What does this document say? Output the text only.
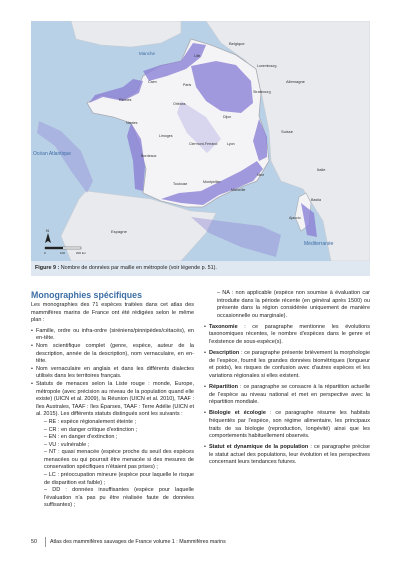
Océan Atlantique
Méditerranée
Manche
Belgique
Allemagne
Suisse
Italie
Espagne
Luxembourg
Lille
Caen
Paris
Nantes
Rennes
Strasbourg
Dijon
Lyon
Bordeaux
Toulouse	Montpellier
Marseille
Nice
Limoges
Clermont-Ferrand
Orléans
Ajaccio
Bastia
N
0	100	200 km
Figure 9 : Nombre de données par maille en métropole (voir légende p. 51).
Monographies spécifiques

Les monographies des 71 espèces traitées dans cet atlas des mammifères marins de France ont été rédigées selon le même plan :

• Famille, ordre ou infra-ordre (siréniens/pinnipèdes/cétacés), en en-tête.
• Nom scientifique complet (genre, espèce, auteur de la description, année de la description), nom vernaculaire, en en-tête.
• Nom vernaculaire en anglais et dans les différents dialectes utilisés dans les territoires français.
• Statuts de menaces selon la Liste rouge : monde, Europe, métropole (avec précision au niveau de la population quand elle existe) (UICN et al. 2009), la Réunion (UICN et al. 2010), TAAF : îles Australes, TAAF : îles Éparses, TAAF : Terre Adélie (UICN et al. 2015). Les différents statuts distingués sont les suivants :
– RE : espèce régionalement éteinte ;
– CR : en danger critique d'extinction ;
– EN : en danger d'extinction ;
– VU : vulnérable ;
– NT : quasi menacée (espèce proche du seuil des espèces menacées ou qui pourrait être menacée si des mesures de conservation spécifiques n'étaient pas prises) ;
– LC : préoccupation mineure (espèce pour laquelle le risque de disparition est faible) ;
– DD : données insuffisantes (espèce pour laquelle l'évaluation n'a pas pu être réalisée faute de données suffisantes) ;
– NA : non applicable (espèce non soumise à évaluation car introduite dans la période récente (en général après 1500) ou présente dans la région considérée uniquement de manière occasionnelle ou marginale).
• Taxonomie : ce paragraphe mentionne les évolutions taxonomiques récentes, le nombre d'espèces dans le genre et l'existence de sous-espèce(s).
• Description : ce paragraphe présente brièvement la morphologie de l'espèce, fournit les grandes données biométriques (longueur et poids), les risques de confusion avec d'autres espèces et les variations régionales si elles existent.
• Répartition : ce paragraphe se consacre à la répartition actuelle de l'espèce au niveau national et met en perspective avec la répartition mondiale.
• Biologie et écologie : ce paragraphe résume les habitats fréquentés par l'espèce, son régime alimentaire, les principaux traits de sa biologie (reproduction, longévité) ainsi que les comportements habituellement observés.
• Statut et dynamique de la population : ce paragraphe précise le statut actuel des populations, leur évolution et les perspectives concernant leurs tendances futures.
50 Atlas des mammifères sauvages de France volume 1 : Mammifères marins
